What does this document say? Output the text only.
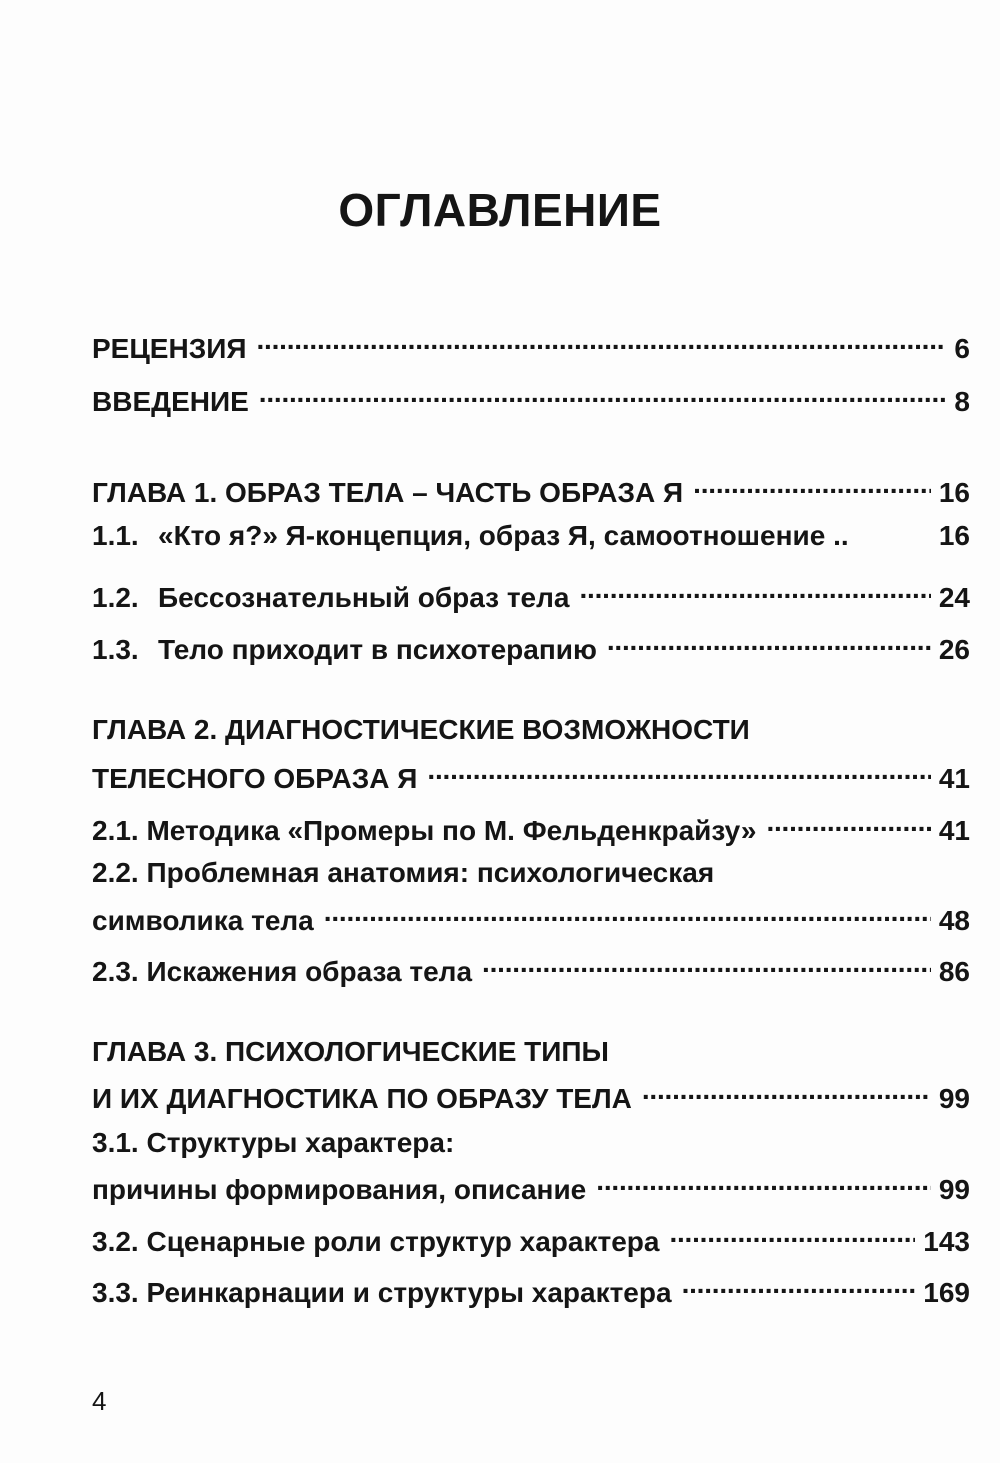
ОГЛАВЛЕНИЕ
РЕЦЕНЗИЯ . . .	6
ВВЕДЕНИЕ . . .	8
ГЛАВА 1. ОБРАЗ ТЕЛА – ЧАСТЬ ОБРАЗА Я . . .	16
1.1. «Кто я?» Я-концепция, образ Я, самоотношение ..	16
1.2. Бессознательный образ тела . . .	24
1.3. Тело приходит в психотерапию . . .	26
ГЛАВА 2. ДИАГНОСТИЧЕСКИЕ ВОЗМОЖНОСТИ
ТЕЛЕСНОГО ОБРАЗА Я . . .	41
2.1. Методика «Промеры по М. Фельденкрайзу» . . .	41
2.2. Проблемная анатомия: психологическая
символика тела . . .	48
2.3. Искажения образа тела . . .	86
ГЛАВА 3. ПСИХОЛОГИЧЕСКИЕ ТИПЫ
И ИХ ДИАГНОСТИКА ПО ОБРАЗУ ТЕЛА . . .	99
3.1. Структуры характера:
причины формирования, описание . . .	99
3.2. Сценарные роли структур характера . . .	143
3.3. Реинкарнации и структуры характера . . .	169
4
